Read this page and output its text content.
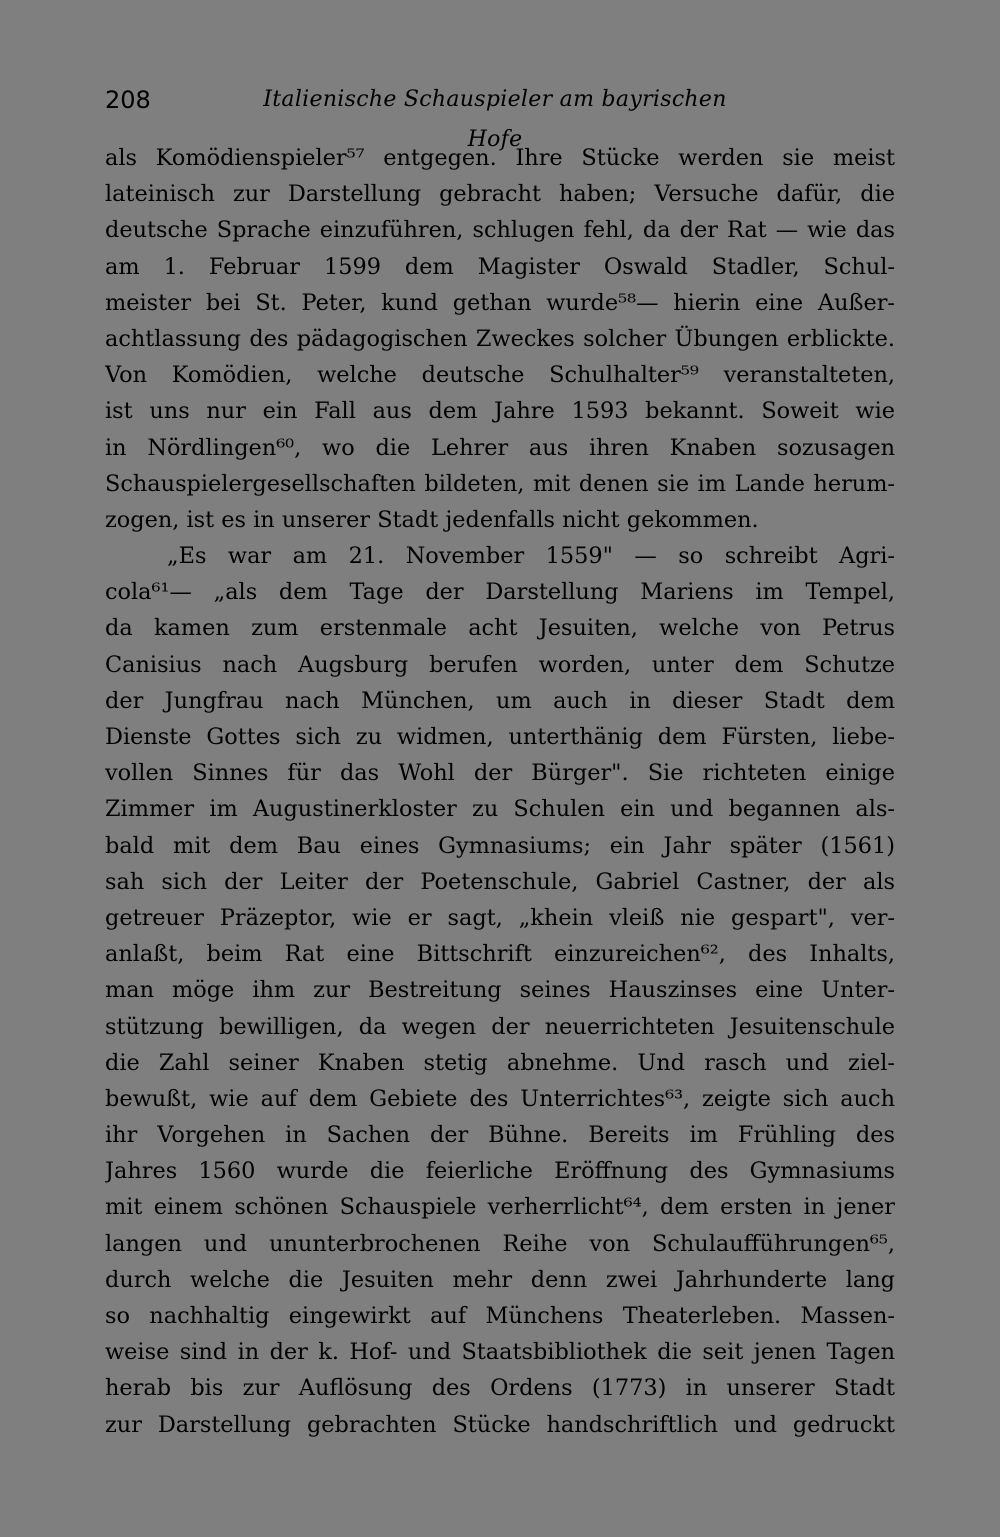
208	Italienische Schauspieler am bayrischen Hofe
als Komödienspieler⁵⁷ entgegen. Ihre Stücke werden sie meist
lateinisch zur Darstellung gebracht haben; Versuche dafür, die
deutsche Sprache einzuführen, schlugen fehl, da der Rat — wie das
am 1. Februar 1599 dem Magister Oswald Stadler, Schul-
meister bei St. Peter, kund gethan wurde⁵⁸— hierin eine Außer-
achtlassung des pädagogischen Zweckes solcher Übungen erblickte.
Von Komödien, welche deutsche Schulhalter⁵⁹ veranstalteten,
ist uns nur ein Fall aus dem Jahre 1593 bekannt. Soweit wie
in Nördlingen⁶⁰, wo die Lehrer aus ihren Knaben sozusagen
Schauspielergesellschaften bildeten, mit denen sie im Lande herum-
zogen, ist es in unserer Stadt jedenfalls nicht gekommen.
„Es war am 21. November 1559" — so schreibt Agri-
cola⁶¹— „als dem Tage der Darstellung Mariens im Tempel,
da kamen zum erstenmale acht Jesuiten, welche von Petrus
Canisius nach Augsburg berufen worden, unter dem Schutze
der Jungfrau nach München, um auch in dieser Stadt dem
Dienste Gottes sich zu widmen, unterthänig dem Fürsten, liebe-
vollen Sinnes für das Wohl der Bürger". Sie richteten einige
Zimmer im Augustinerkloster zu Schulen ein und begannen als-
bald mit dem Bau eines Gymnasiums; ein Jahr später (1561)
sah sich der Leiter der Poetenschule, Gabriel Castner, der als
getreuer Präzeptor, wie er sagt, „khein vleiß nie gespart", ver-
anlaßt, beim Rat eine Bittschrift einzureichen⁶², des Inhalts,
man möge ihm zur Bestreitung seines Hauszinses eine Unter-
stützung bewilligen, da wegen der neuerrichteten Jesuitenschule
die Zahl seiner Knaben stetig abnehme. Und rasch und ziel-
bewußt, wie auf dem Gebiete des Unterrichtes⁶³, zeigte sich auch
ihr Vorgehen in Sachen der Bühne. Bereits im Frühling des
Jahres 1560 wurde die feierliche Eröffnung des Gymnasiums
mit einem schönen Schauspiele verherrlicht⁶⁴, dem ersten in jener
langen und ununterbrochenen Reihe von Schulaufführungen⁶⁵,
durch welche die Jesuiten mehr denn zwei Jahrhunderte lang
so nachhaltig eingewirkt auf Münchens Theaterleben. Massen-
weise sind in der k. Hof- und Staatsbibliothek die seit jenen Tagen
herab bis zur Auflösung des Ordens (1773) in unserer Stadt
zur Darstellung gebrachten Stücke handschriftlich und gedruckt
